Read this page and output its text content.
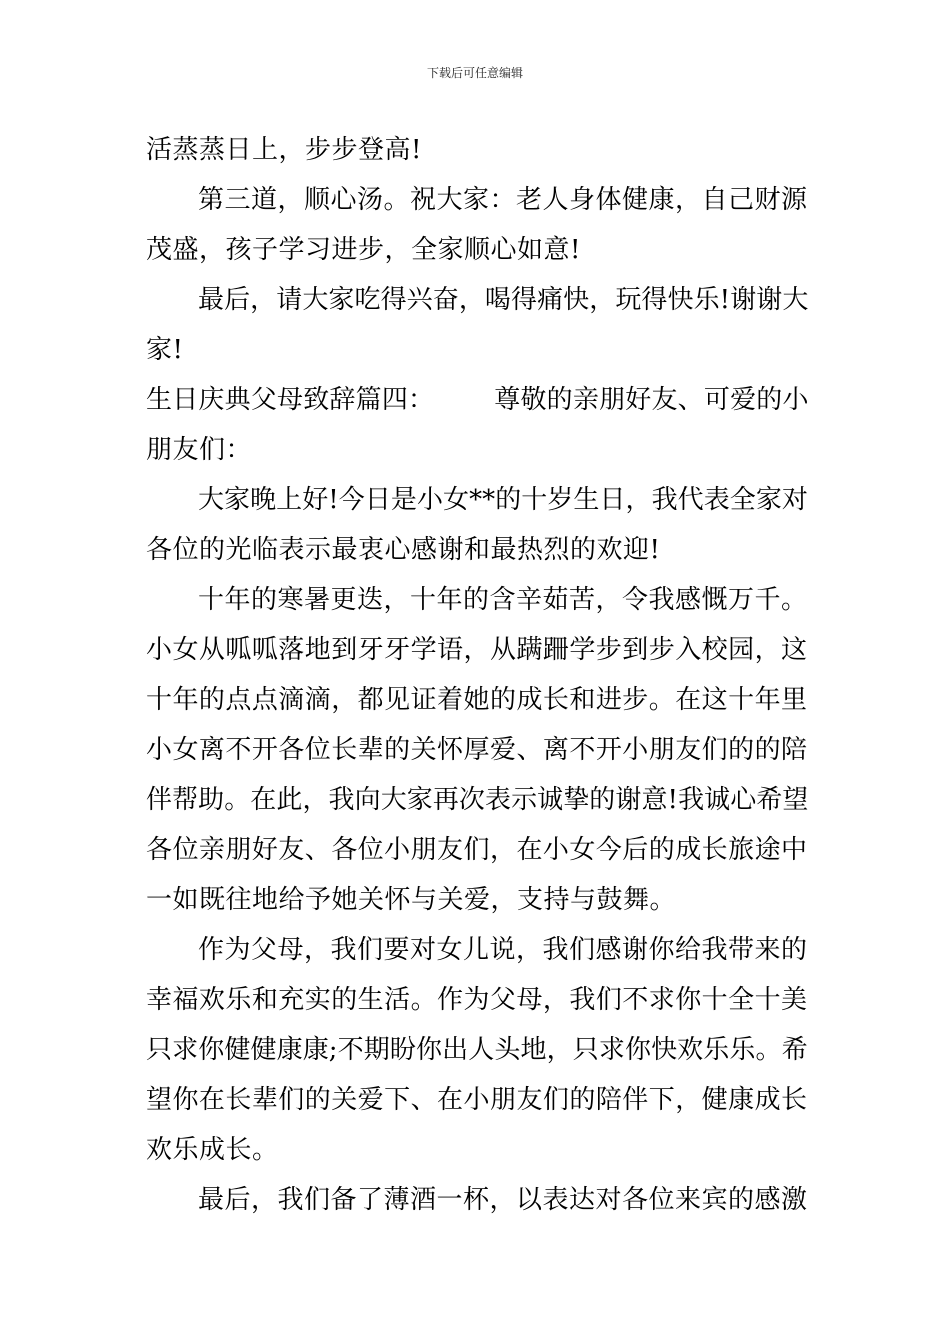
下载后可任意编辑
活蒸蒸日上，步步登高!
第三道，顺心汤。祝大家：老人身体健康，自己财源
茂盛，孩子学习进步，全家顺心如意!
最后，请大家吃得兴奋，喝得痛快，玩得快乐!谢谢大
家!
生日庆典父母致辞篇四： 尊敬的亲朋好友、可爱的小
朋友们：
大家晚上好!今日是小女**的十岁生日，我代表全家对
各位的光临表示最衷心感谢和最热烈的欢迎!
十年的寒暑更迭，十年的含辛茹苦，令我感慨万千。
小女从呱呱落地到牙牙学语，从蹒跚学步到步入校园，这
十年的点点滴滴，都见证着她的成长和进步。在这十年里
小女离不开各位长辈的关怀厚爱、离不开小朋友们的的陪
伴帮助。在此，我向大家再次表示诚挚的谢意!我诚心希望
各位亲朋好友、各位小朋友们，在小女今后的成长旅途中
一如既往地给予她关怀与关爱，支持与鼓舞。
作为父母，我们要对女儿说，我们感谢你给我带来的
幸福欢乐和充实的生活。作为父母，我们不求你十全十美
只求你健健康康;不期盼你出人头地，只求你快欢乐乐。希
望你在长辈们的关爱下、在小朋友们的陪伴下，健康成长
欢乐成长。
最后，我们备了薄酒一杯，以表达对各位来宾的感激
